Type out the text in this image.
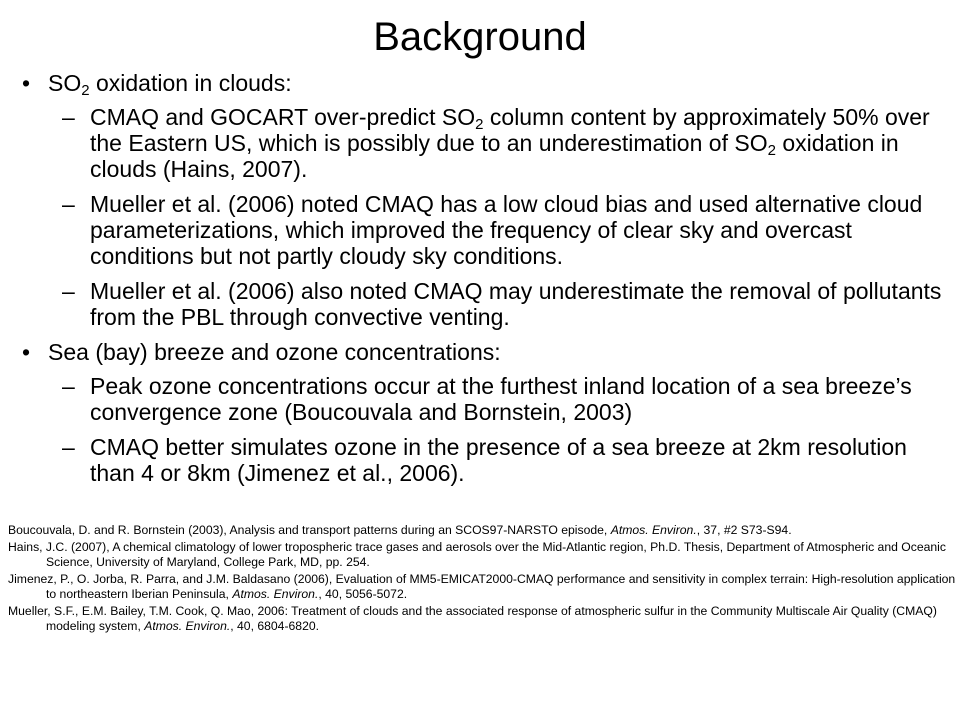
Background
• $SO_2$ oxidation in clouds:
– CMAQ and GOCART over-predict $SO_2$ column content by approximately 50% over the Eastern US, which is possibly due to an underestimation of $SO_2$ oxidation in clouds (Hains, 2007).
– Mueller et al. (2006) noted CMAQ has a low cloud bias and used alternative cloud parameterizations, which improved the frequency of clear sky and overcast conditions but not partly cloudy sky conditions.
– Mueller et al. (2006) also noted CMAQ may underestimate the removal of pollutants from the PBL through convective venting.
• Sea (bay) breeze and ozone concentrations:
– Peak ozone concentrations occur at the furthest inland location of a sea breeze’s convergence zone (Boucouvala and Bornstein, 2003)
– CMAQ better simulates ozone in the presence of a sea breeze at 2km resolution than 4 or 8km (Jimenez et al., 2006).
Boucouvala, D. and R. Bornstein (2003), Analysis and transport patterns during an SCOS97-NARSTO episode, Atmos. Environ., 37, #2 S73-S94.
Hains, J.C. (2007), A chemical climatology of lower tropospheric trace gases and aerosols over the Mid-Atlantic region, Ph.D. Thesis, Department of Atmospheric and Oceanic Science, University of Maryland, College Park, MD, pp. 254.
Jimenez, P., O. Jorba, R. Parra, and J.M. Baldasano (2006), Evaluation of MM5-EMICAT2000-CMAQ performance and sensitivity in complex terrain: High-resolution application to northeastern Iberian Peninsula, Atmos. Environ., 40, 5056-5072.
Mueller, S.F., E.M. Bailey, T.M. Cook, Q. Mao, 2006: Treatment of clouds and the associated response of atmospheric sulfur in the Community Multiscale Air Quality (CMAQ) modeling system, Atmos. Environ., 40, 6804-6820.
